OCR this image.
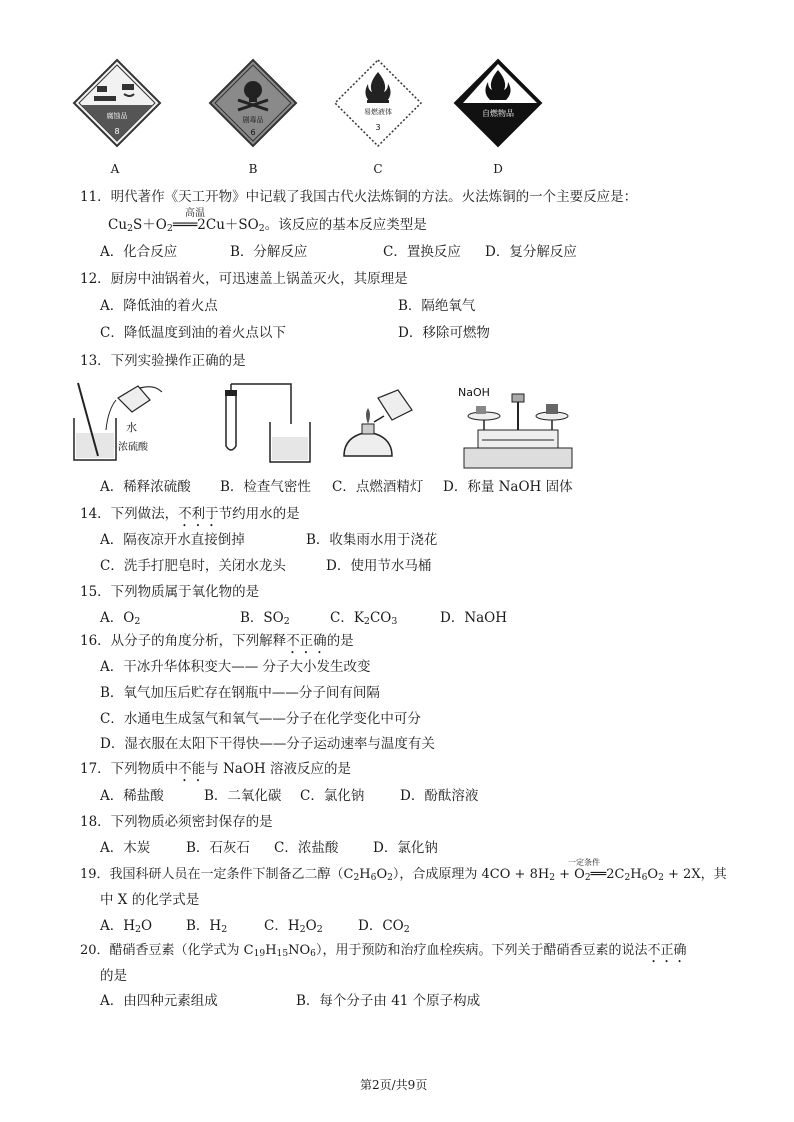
腐蚀品
8
A
剧毒品
6
B
易燃液体
3
C
自燃物品
D
11．明代著作《天工开物》中记载了我国古代火法炼铜的方法。火法炼铜的一个主要反应是：
高温
$Cu_2S+O_2═══2Cu+SO_2$。该反应的基本反应类型是
A．化合反应	B．分解反应	C．置换反应 D．复分解反应
12．厨房中油锅着火，可迅速盖上锅盖灭火，其原理是
A．降低油的着火点	B．隔绝氧气
C．降低温度到油的着火点以下	D．移除可燃物
13．下列实验操作正确的是
水
浓硫酸
NaOH
A．稀释浓硫酸 B．检查气密性 C．点燃酒精灯 D．称量 NaOH 固体
14．下列做法，不利于节约用水的是
A．隔夜凉开水直接倒掉	B．收集雨水用于浇花
C．洗手打肥皂时，关闭水龙头	D．使用节水马桶
15．下列物质属于氧化物的是
A．$O_2$	B．$SO_2$	C．$K_2CO_3$	D．NaOH
16．从分子的角度分析，下列解释不正确的是
A．干冰升华体积变大—— 分子大小发生改变
B．氧气加压后贮存在钢瓶中——分子间有间隔
C．水通电生成氢气和氧气——分子在化学变化中可分
D．湿衣服在太阳下干得快——分子运动速率与温度有关
17．下列物质中不能与 NaOH 溶液反应的是
A．稀盐酸	B．二氧化碳 C．氯化钠	D．酚酞溶液
18．下列物质必须密封保存的是
A．木炭	B．石灰石 C．浓盐酸	D．氯化钠
19．我国科研人员在一定条件下制备乙二醇$(C_2H_6O_2)$，合成原理为 $4CO + 8H_2$ + $O_2══2C_2H_6O_2 + 2X$，其
一定条件
中 X 的化学式是
A．$H_2O$	B．$H_2$	C．$H_2O_2$	D．$CO_2$
20．醋硝香豆素（化学式为 $C_{19}H_{15}NO_6$），用于预防和治疗血栓疾病。下列关于醋硝香豆素的说法不正确
的是
A．由四种元素组成	B．每个分子由 41 个原子构成
第2页/共9页
